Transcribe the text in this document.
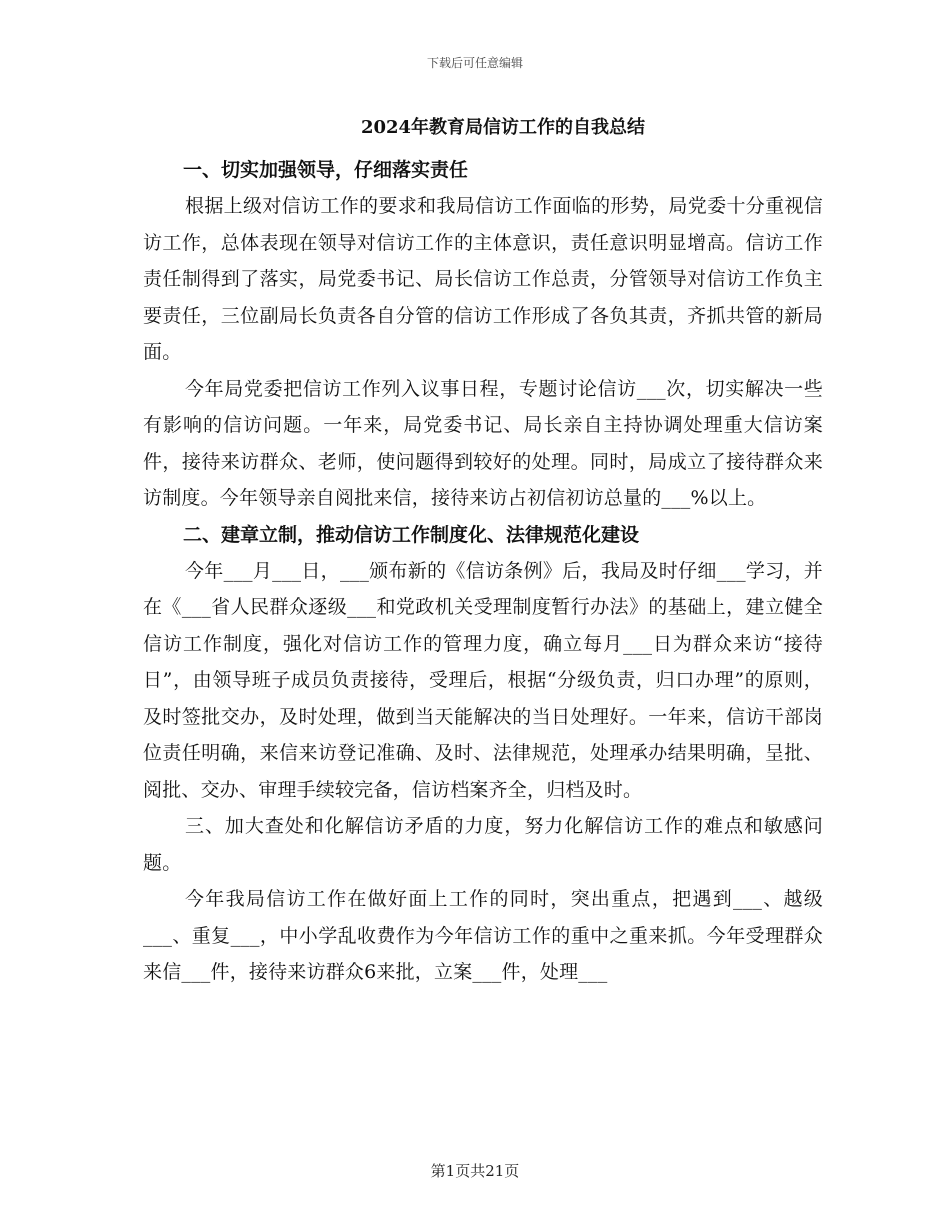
下载后可任意编辑

2024年教育局信访工作的自我总结

一、切实加强领导，仔细落实责任

根据上级对信访工作的要求和我局信访工作面临的形势，局党委十分重视信访工作，总体表现在领导对信访工作的主体意识，责任意识明显增高。信访工作责任制得到了落实，局党委书记、局长信访工作总责，分管领导对信访工作负主要责任，三位副局长负责各自分管的信访工作形成了各负其责，齐抓共管的新局面。

今年局党委把信访工作列入议事日程，专题讨论信访___次，切实解决一些有影响的信访问题。一年来，局党委书记、局长亲自主持协调处理重大信访案件，接待来访群众、老师，使问题得到较好的处理。同时，局成立了接待群众来访制度。今年领导亲自阅批来信，接待来访占初信初访总量的___%以上。

二、建章立制，推动信访工作制度化、法律规范化建设

今年___月___日，___颁布新的《信访条例》后，我局及时仔细___学习，并在《___省人民群众逐级___和党政机关受理制度暂行办法》的基础上，建立健全信访工作制度，强化对信访工作的管理力度，确立每月___日为群众来访“接待日”，由领导班子成员负责接待，受理后，根据“分级负责，归口办理”的原则，及时签批交办，及时处理，做到当天能解决的当日处理好。一年来，信访干部岗位责任明确，来信来访登记准确、及时、法律规范，处理承办结果明确，呈批、阅批、交办、审理手续较完备，信访档案齐全，归档及时。

三、加大查处和化解信访矛盾的力度，努力化解信访工作的难点和敏感问题。

今年我局信访工作在做好面上工作的同时，突出重点，把遇到___、越级___、重复___，中小学乱收费作为今年信访工作的重中之重来抓。今年受理群众来信___件，接待来访群众6来批，立案___件，处理___

第1页共21页
